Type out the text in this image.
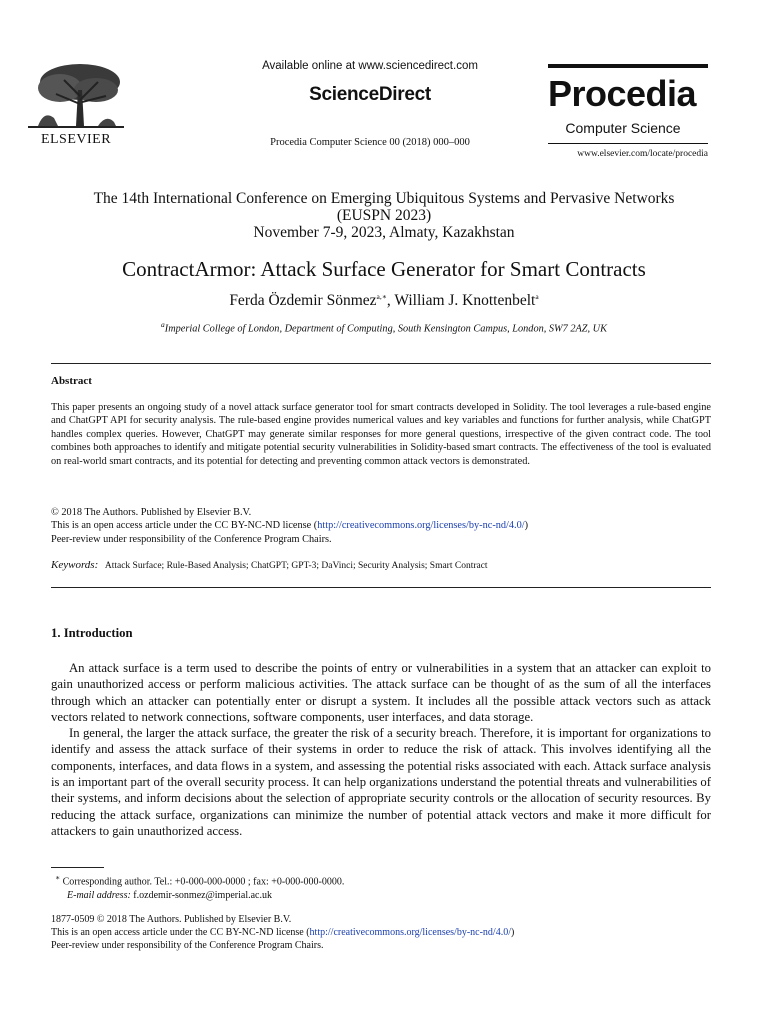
ELSEVIER
Available online at www.sciencedirect.com
ScienceDirect
Procedia Computer Science 00 (2018) 000–000
Procedia
Computer Science
www.elsevier.com/locate/procedia
The 14th International Conference on Emerging Ubiquitous Systems and Pervasive Networks
(EUSPN 2023)
November 7-9, 2023, Almaty, Kazakhstan
ContractArmor: Attack Surface Generator for Smart Contracts
Ferda Özdemir Sönmez$^{a,∗}$, William J. Knottenbelt$^a$
$^a$Imperial College of London, Department of Computing, South Kensington Campus, London, SW7 2AZ, UK
Abstract
This paper presents an ongoing study of a novel attack surface generator tool for smart contracts developed in Solidity. The tool leverages a rule-based engine and ChatGPT API for security analysis. The rule-based engine provides numerical values and key variables and functions for further analysis, while ChatGPT handles complex queries. However, ChatGPT may generate similar responses for more general questions, irrespective of the given contract code. The tool combines both approaches to identify and mitigate potential security vulnerabilities in Solidity-based smart contracts. The effectiveness of the tool is evaluated on real-world smart contracts, and its potential for detecting and preventing common attack vectors is demonstrated.
© 2018 The Authors. Published by Elsevier B.V.
This is an open access article under the CC BY-NC-ND license (http://creativecommons.org/licenses/by-nc-nd/4.0/)
Peer-review under responsibility of the Conference Program Chairs.
Keywords: Attack Surface; Rule-Based Analysis; ChatGPT; GPT-3; DaVinci; Security Analysis; Smart Contract
1. Introduction

An attack surface is a term used to describe the points of entry or vulnerabilities in a system that an attacker can exploit to gain unauthorized access or perform malicious activities. The attack surface can be thought of as the sum of all the interfaces through which an attacker can potentially enter or disrupt a system. It includes all the possible attack vectors such as attack vectors related to network connections, software components, user interfaces, and data storage.

In general, the larger the attack surface, the greater the risk of a security breach. Therefore, it is important for organizations to identify and assess the attack surface of their systems in order to reduce the risk of attack. This involves identifying all the components, interfaces, and data flows in a system, and assessing the potential risks associated with each. Attack surface analysis is an important part of the overall security process. It can help organizations understand the potential threats and vulnerabilities of their systems, and inform decisions about the selection of appropriate security controls or the allocation of security resources. By reducing the attack surface, organizations can minimize the number of potential attack vectors and make it more difficult for attackers to gain unauthorized access.

∗ Corresponding author. Tel.: +0-000-000-0000 ; fax: +0-000-000-0000.
E-mail address: f.ozdemir-sonmez@imperial.ac.uk
1877-0509 © 2018 The Authors. Published by Elsevier B.V.
This is an open access article under the CC BY-NC-ND license (http://creativecommons.org/licenses/by-nc-nd/4.0/)
Peer-review under responsibility of the Conference Program Chairs.
